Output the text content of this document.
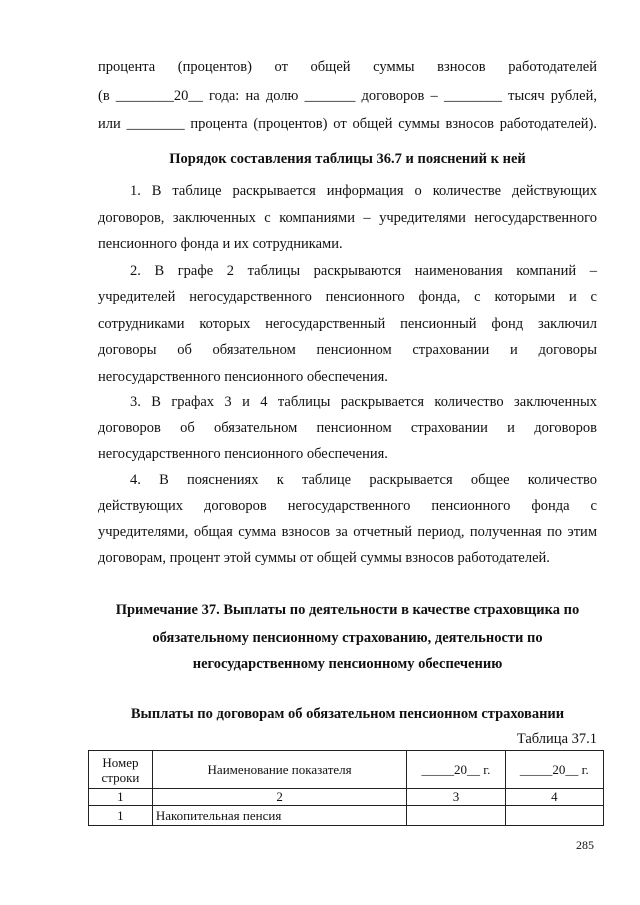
процента (процентов) от общей суммы взносов работодателей
(в ________20__ года: на долю _______ договоров – ________ тысяч рублей,
или ________ процента (процентов) от общей суммы взносов работодателей).
Порядок составления таблицы 36.7 и пояснений к ней
1. В таблице раскрывается информация о количестве действующих
договоров, заключенных с компаниями – учредителями негосударственного
пенсионного фонда и их сотрудниками.
2. В графе 2 таблицы раскрываются наименования компаний –
учредителей негосударственного пенсионного фонда, с которыми и с
сотрудниками которых негосударственный пенсионный фонд заключил
договоры об обязательном пенсионном страховании и договоры
негосударственного пенсионного обеспечения.
3. В графах 3 и 4 таблицы раскрывается количество заключенных
договоров об обязательном пенсионном страховании и договоров
негосударственного пенсионного обеспечения.
4. В пояснениях к таблице раскрывается общее количество
действующих договоров негосударственного пенсионного фонда с
учредителями, общая сумма взносов за отчетный период, полученная по этим
договорам, процент этой суммы от общей суммы взносов работодателей.
Примечание 37. Выплаты по деятельности в качестве страховщика по
обязательному пенсионному страхованию, деятельности по
негосударственному пенсионному обеспечению
Выплаты по договорам об обязательном пенсионном страховании
Таблица 37.1
Номер строки	Наименование показателя	_____20__ г.	_____20__ г.
1	2	3	4
1	Накопительная пенсия		
285
